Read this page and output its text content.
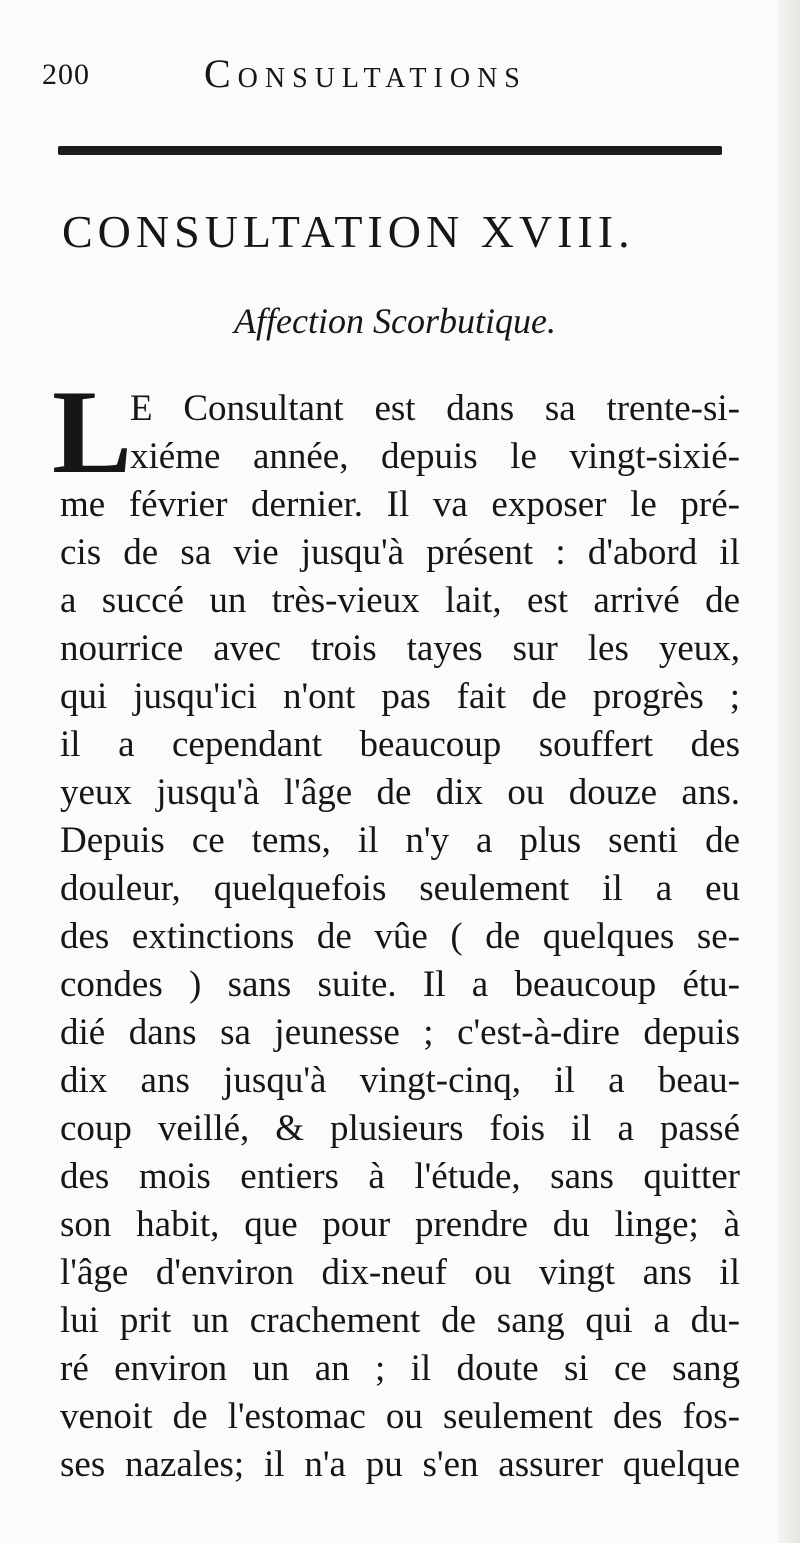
200	Consultations
CONSULTATION XVIII.
Affection Scorbutique.
L
E Consultant est dans sa trente-si-
xiéme année, depuis le vingt-sixié-
me février dernier. Il va exposer le pré-
cis de sa vie jusqu'à présent : d'abord il
a succé un très-vieux lait, est arrivé de
nourrice avec trois tayes sur les yeux,
qui jusqu'ici n'ont pas fait de progrès ;
il a cependant beaucoup souffert des
yeux jusqu'à l'âge de dix ou douze ans.
Depuis ce tems, il n'y a plus senti de
douleur, quelquefois seulement il a eu
des extinctions de vûe ( de quelques se-
condes ) sans suite. Il a beaucoup étu-
dié dans sa jeunesse ; c'est-à-dire depuis
dix ans jusqu'à vingt-cinq, il a beau-
coup veillé, & plusieurs fois il a passé
des mois entiers à l'étude, sans quitter
son habit, que pour prendre du linge; à
l'âge d'environ dix-neuf ou vingt ans il
lui prit un crachement de sang qui a du-
ré environ un an ; il doute si ce sang
venoit de l'estomac ou seulement des fos-
ses nazales; il n'a pu s'en assurer quelque
